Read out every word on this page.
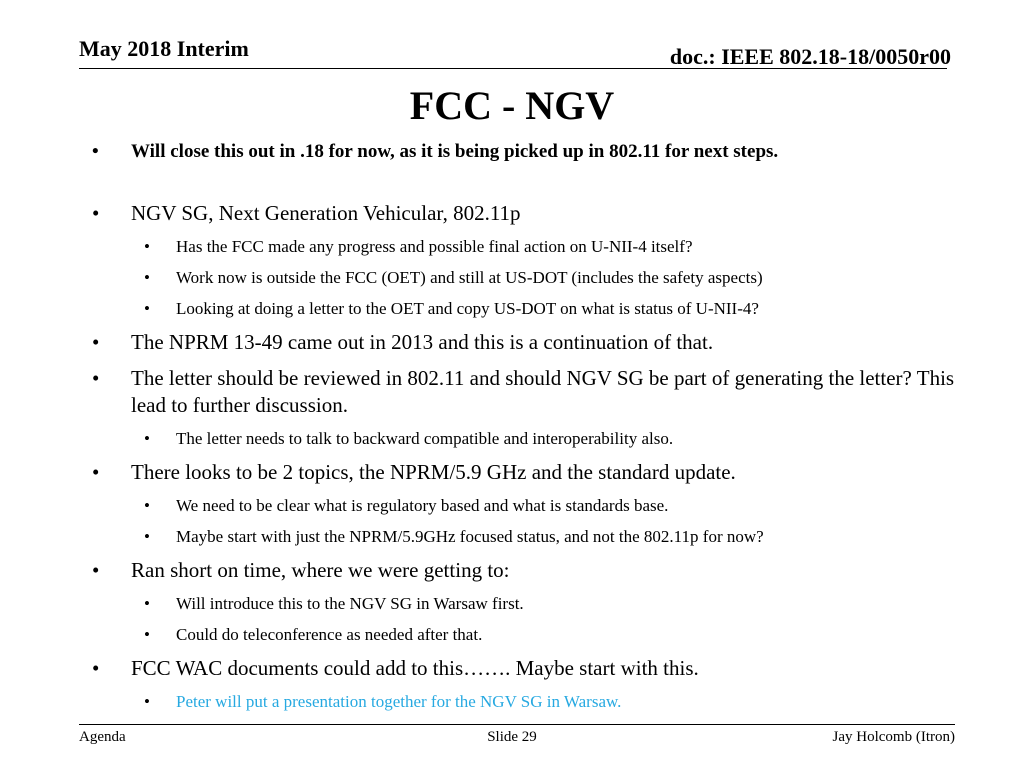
May 2018 Interim	doc.: IEEE 802.18-18/0050r00
FCC - NGV
• Will close this out in .18 for now, as it is being picked up in 802.11 for next steps.
• NGV SG, Next Generation Vehicular, 802.11p
• Has the FCC made any progress and possible final action on U-NII-4 itself?
• Work now is outside the FCC (OET) and still at US-DOT (includes the safety aspects)
• Looking at doing a letter to the OET and copy US-DOT on what is status of U-NII-4?
• The NPRM 13-49 came out in 2013 and this is a continuation of that.
• The letter should be reviewed in 802.11 and should NGV SG be part of generating the letter? This lead to further discussion.
• The letter needs to talk to backward compatible and interoperability also.
• There looks to be 2 topics, the NPRM/5.9 GHz and the standard update.
• We need to be clear what is regulatory based and what is standards base.
• Maybe start with just the NPRM/5.9GHz focused status, and not the 802.11p for now?
• Ran short on time, where we were getting to:
• Will introduce this to the NGV SG in Warsaw first.
• Could do teleconference as needed after that.
• FCC WAC documents could add to this……. Maybe start with this.
• Peter will put a presentation together for the NGV SG in Warsaw.
Agenda	Slide 29	Jay Holcomb (Itron)
